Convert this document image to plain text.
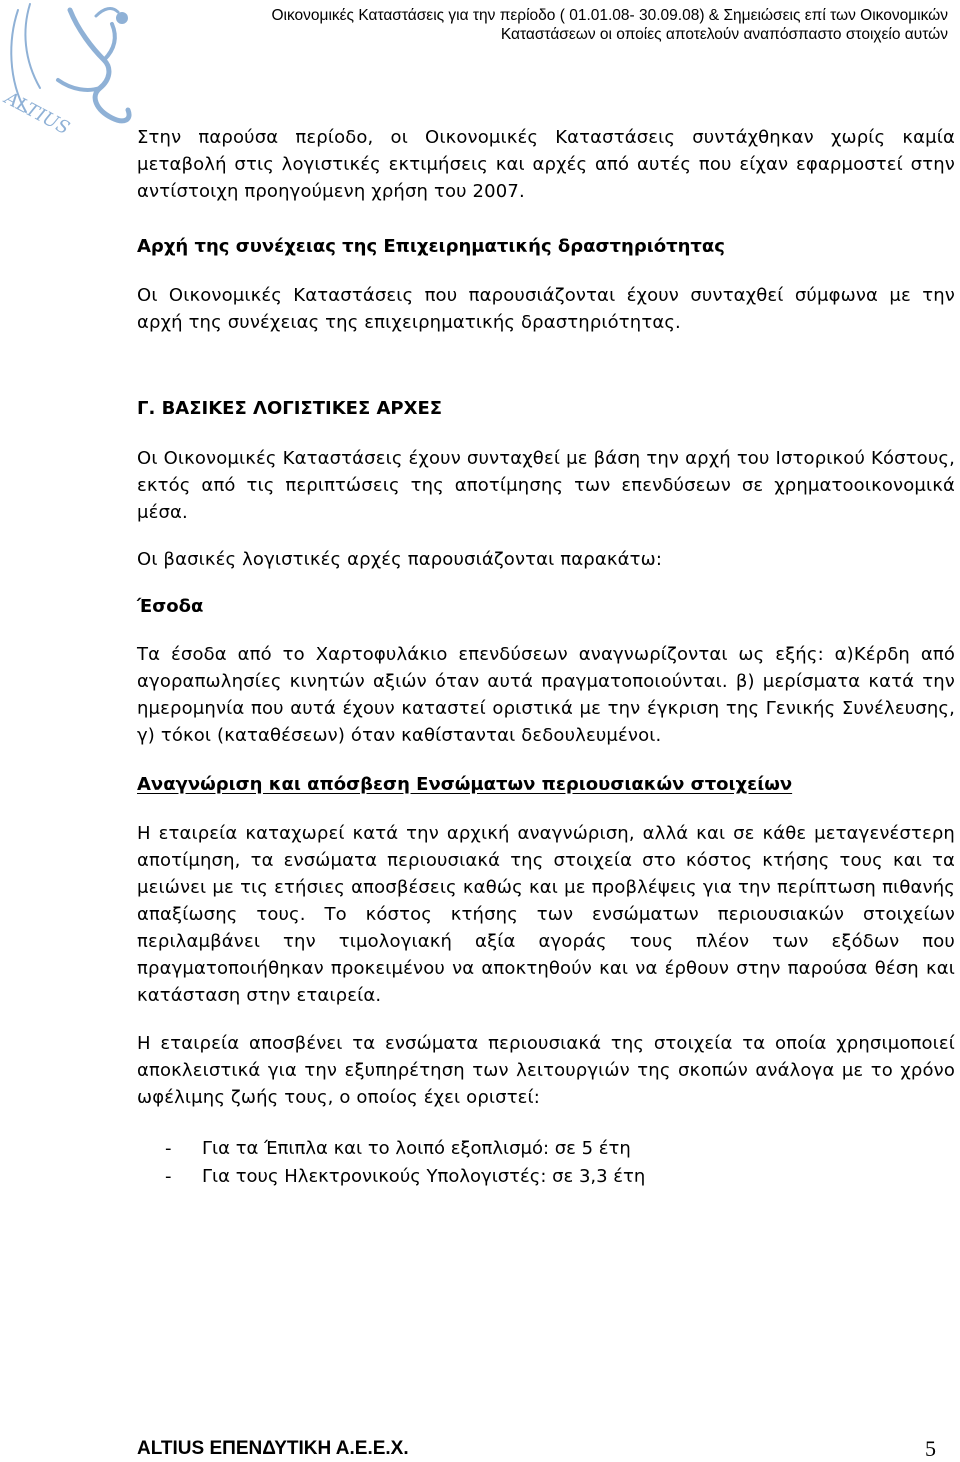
ALTIUS
Οικονομικές Καταστάσεις για την περίοδο ( 01.01.08- 30.09.08) & Σημειώσεις επί των Οικονομικών
Καταστάσεων οι οποίες αποτελούν αναπόσπαστο στοιχείο αυτών

Στην παρούσα περίοδο, οι Οικονομικές Καταστάσεις συντάχθηκαν χωρίς καμία μεταβολή στις λογιστικές εκτιμήσεις και αρχές από αυτές που είχαν εφαρμοστεί στην αντίστοιχη προηγούμενη χρήση του 2007.

Αρχή της συνέχειας της Επιχειρηματικής δραστηριότητας

Οι Οικονομικές Καταστάσεις που παρουσιάζονται έχουν συνταχθεί σύμφωνα με την αρχή της συνέχειας της επιχειρηματικής δραστηριότητας.

Γ. ΒΑΣΙΚΕΣ ΛΟΓΙΣΤΙΚΕΣ ΑΡΧΕΣ

Οι Οικονομικές Καταστάσεις έχουν συνταχθεί με βάση την αρχή του Ιστορικού Κόστους, εκτός από τις περιπτώσεις της αποτίμησης των επενδύσεων σε χρηματοοικονομικά μέσα.

Οι βασικές λογιστικές αρχές παρουσιάζονται παρακάτω:

Έσοδα

Τα έσοδα από το Χαρτοφυλάκιο επενδύσεων αναγνωρίζονται ως εξής: α)Κέρδη από αγοραπωλησίες κινητών αξιών όταν αυτά πραγματοποιούνται. β) μερίσματα κατά την ημερομηνία που αυτά έχουν καταστεί οριστικά με την έγκριση της Γενικής Συνέλευσης, γ) τόκοι (καταθέσεων) όταν καθίστανται δεδουλευμένοι.

Αναγνώριση και απόσβεση Ενσώματων περιουσιακών στοιχείων

Η εταιρεία καταχωρεί κατά την αρχική αναγνώριση, αλλά και σε κάθε μεταγενέστερη αποτίμηση, τα ενσώματα περιουσιακά της στοιχεία στο κόστος κτήσης τους και τα μειώνει με τις ετήσιες αποσβέσεις καθώς και με προβλέψεις για την περίπτωση πιθανής απαξίωσης τους. Το κόστος κτήσης των ενσώματων περιουσιακών στοιχείων περιλαμβάνει την τιμολογιακή αξία αγοράς τους πλέον των εξόδων που πραγματοποιήθηκαν προκειμένου να αποκτηθούν και να έρθουν στην παρούσα θέση και κατάσταση στην εταιρεία.

Η εταιρεία αποσβένει τα ενσώματα περιουσιακά της στοιχεία τα οποία χρησιμοποιεί αποκλειστικά για την εξυπηρέτηση των λειτουργιών της σκοπών ανάλογα με το χρόνο ωφέλιμης ζωής τους, ο οποίος έχει οριστεί:

- Για τα Έπιπλα και το λοιπό εξοπλισμό: σε 5 έτη
- Για τους Ηλεκτρονικούς Υπολογιστές: σε 3,3 έτη
ALTIUS ΕΠΕΝΔΥΤΙΚΗ Α.Ε.Ε.Χ.	5
